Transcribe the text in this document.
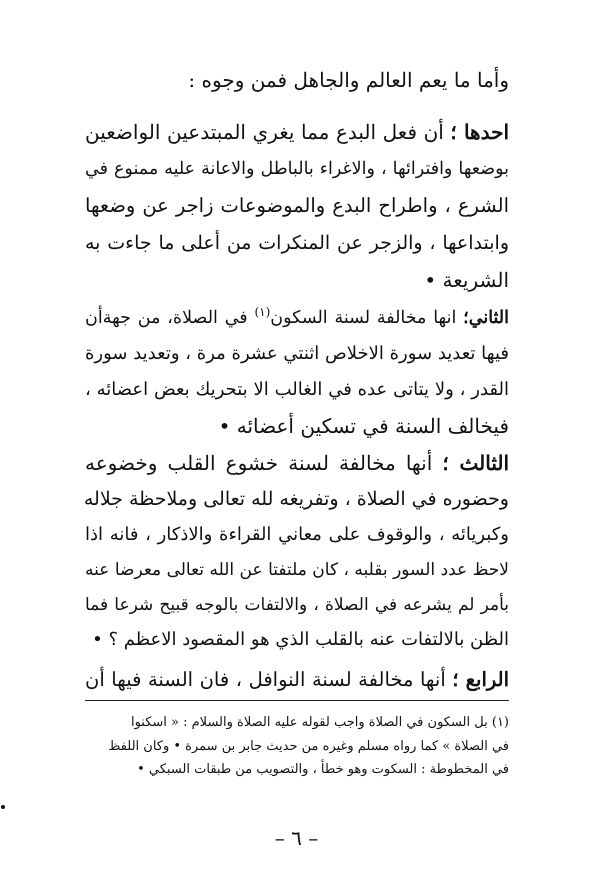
وأما ما يعم العالم والجاهل فمن وجوه :
احدها ؛ أن فعل البدع مما يغري المبتدعين الواضعين
بوضعها وافترائها ، والاغراء بالباطل والاعانة عليه ممنوع في
الشرع ، واطراح البدع والموضوعات زاجر عن وضعها
وابتداعها ، والزجر عن المنكرات من أعلى ما جاءت به
الشريعة •
الثاني؛ انها مخالفة لسنة السكون$^{(١)}$ في الصلاة، من جهةأن
فيها تعديد سورة الاخلاص اثنتي عشرة مرة ، وتعديد سورة
القدر ، ولا يتاتى عده في الغالب الا بتحريك بعض اعضائه ،
فيخالف السنة في تسكين أعضائه •
الثالث ؛ أنها مخالفة لسنة خشوع القلب وخضوعه
وحضوره في الصلاة ، وتفريغه لله تعالى وملاحظة جلاله
وكبريائه ، والوقوف على معاني القراءة والاذكار ، فانه اذا
لاحظ عدد السور بقلبه ، كان ملتفتا عن الله تعالى معرضا عنه
بأمر لم يشرعه في الصلاة ، والالتفات بالوجه قبيح شرعا فما
الظن بالالتفات عنه بالقلب الذي هو المقصود الاعظم ؟ •
الرابع ؛ أنها مخالفة لسنة النوافل ، فان السنة فيها أن
(١) بل السكون في الصلاة واجب لقوله عليه الصلاة والسلام : « اسكنوا
في الصلاة » كما رواه مسلم وغيره من حديث جابر بن سمرة • وكان اللفظ
في المخطوطة : السكوت وهو خطأ ، والتصويب من طبقات السبكي •
– ٦ –
